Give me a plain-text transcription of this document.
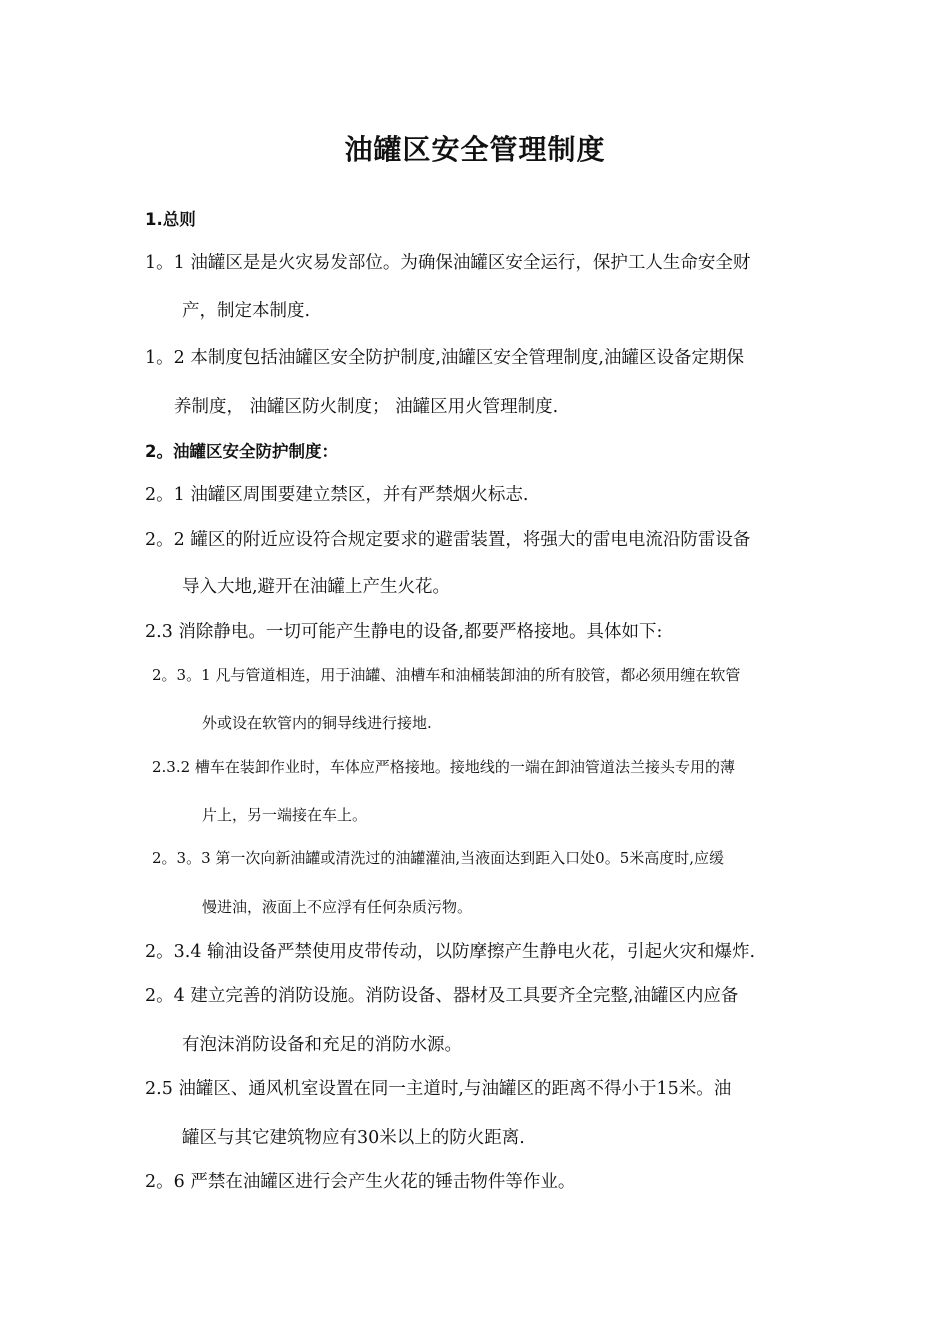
油罐区安全管理制度
1.总则
1。1 油罐区是是火灾易发部位。为确保油罐区安全运行，保护工人生命安全财
产，制定本制度.
1。2 本制度包括油罐区安全防护制度,油罐区安全管理制度,油罐区设备定期保
养制度， 油罐区防火制度； 油罐区用火管理制度.
2。油罐区安全防护制度：
2。1 油罐区周围要建立禁区，并有严禁烟火标志.
2。2 罐区的附近应设符合规定要求的避雷装置，将强大的雷电电流沿防雷设备
导入大地,避开在油罐上产生火花。
2.3 消除静电。一切可能产生静电的设备,都要严格接地。具体如下:
2。3。1 凡与管道相连，用于油罐、油槽车和油桶装卸油的所有胶管，都必须用缠在软管
外或设在软管内的铜导线进行接地.
2.3.2 槽车在装卸作业时，车体应严格接地。接地线的一端在卸油管道法兰接头专用的薄
片上，另一端接在车上。
2。3。3 第一次向新油罐或清洗过的油罐灌油,当液面达到距入口处0。5米高度时,应缓
慢进油，液面上不应浮有任何杂质污物。
2。3.4 输油设备严禁使用皮带传动，以防摩擦产生静电火花，引起火灾和爆炸.
2。4 建立完善的消防设施。消防设备、器材及工具要齐全完整,油罐区内应备
有泡沫消防设备和充足的消防水源。
2.5 油罐区、通风机室设置在同一主道时,与油罐区的距离不得小于15米。油
罐区与其它建筑物应有30米以上的防火距离.
2。6 严禁在油罐区进行会产生火花的锤击物件等作业。
